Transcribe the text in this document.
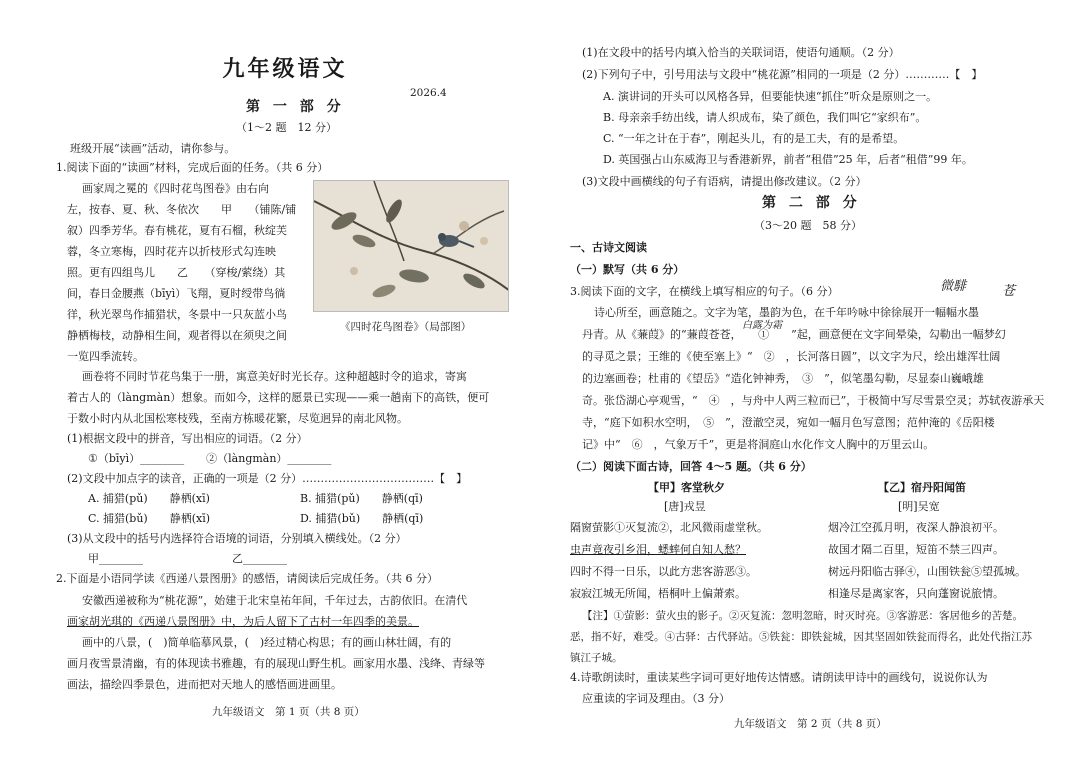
九年级语文
2026.4
第 一 部 分
（1～2 题　12 分）
班级开展“读画”活动，请你参与。
1.阅读下面的“读画”材料，完成后面的任务。（共 6 分）
画家周之冕的《四时花鸟图卷》由右向
左，按春、夏、秋、冬依次　　甲　　（铺陈/铺
叙）四季芳华。春有桃花，夏有石榴，秋绽芙
蓉，冬立寒梅，四时花卉以折枝形式勾连映
照。更有四组鸟儿　　乙　　（穿梭/萦绕）其
间，春日金腰燕（bīyì）飞翔，夏时绶带鸟徜
徉，秋光翠鸟作捕猎状，冬景中一只灰蓝小鸟
静栖梅枝，动静相生间，观者得以在须臾之间
一览四季流转。
《四时花鸟图卷》（局部图）
画卷将不同时节花鸟集于一册，寓意美好时光长存。这种超越时令的追求，寄寓
着古人的（làngmàn）想象。而如今，这样的愿景已实现——乘一趟南下的高铁，便可
于数小时内从北国松寒枝残，至南方栋暖花繁，尽览迥异的南北风物。
(1)根据文段中的拼音，写出相应的词语。（2 分）
①（bīyì）________　　②（làngmàn）________
(2)文段中加点字的读音，正确的一项是（2 分）………………………………【　】
A. 捕猎(pǔ)　　静栖(xī)	B. 捕猎(pǔ)　　静栖(qī)
C. 捕猎(bǔ)　　静栖(xī)	D. 捕猎(bǔ)　　静栖(qī)
(3)从文段中的括号内选择符合语境的词语，分别填入横线处。（2 分）
甲________	乙________
2.下面是小语同学读《西递八景图册》的感悟，请阅读后完成任务。（共 6 分）
安徽西递被称为“桃花源”，始建于北宋皇祐年间，千年过去，古韵依旧。在清代
画家胡光琪的《西递八景图册》中，为后人留下了古村一年四季的美景。
画中的八景，(　)简单临摹风景，(　)经过精心构思；有的画山林壮阔，有的
画月夜雪景清幽，有的体现读书雅趣，有的展现山野生机。画家用水墨、浅绛、青绿等
画法，描绘四季景色，进而把对天地人的感悟画进画里。
九年级语文　第 1 页（共 8 页）
(1)在文段中的括号内填入恰当的关联词语，使语句通顺。（2 分）
(2)下列句子中，引号用法与文段中“桃花源”相同的一项是（2 分）…………【　】
A. 演讲词的开头可以风格各异，但要能快速“抓住”听众是原则之一。
B. 母亲亲手纺出线，请人织成布，染了颜色，我们叫它“家织布”。
C. “一年之计在于春”，刚起头儿，有的是工夫，有的是希望。
D. 英国强占山东威海卫与香港新界，前者“租借”25 年，后者“租借”99 年。
(3)文段中画横线的句子有语病，请提出修改建议。（2 分）
第 二 部 分
（3～20 题　58 分）
一、古诗文阅读
（一）默写（共 6 分）
3.阅读下面的文字，在横线上填写相应的句子。（6 分）	微騑	苍
白露为霜
诗心所至，画意随之。文字为笔，墨韵为色，在千年吟咏中徐徐展开一幅幅水墨
丹青。从《蒹葭》的“蒹葭苍苍，　　①　　”起，画意便在文字间晕染，勾勒出一幅梦幻
的寻觅之景；王维的《使至塞上》“　②　，长河落日圆”，以文字为尺，绘出雄浑壮阔
的边塞画卷；杜甫的《望岳》“造化钟神秀，　③　”，似笔墨勾勒，尽显泰山巍峨雄
奇。张岱湖心亭观雪，“　④　，与舟中人两三粒而已”，于极简中写尽雪景空灵；苏轼夜游承天
寺，“庭下如积水空明，　⑤　”，澄澈空灵，宛如一幅月色写意图；范仲淹的《岳阳楼
记》中“　⑥　，气象万千”，更是将洞庭山水化作文人胸中的万里云山。
（二）阅读下面古诗，回答 4～5 题。（共 6 分）
【甲】客堂秋夕
[唐]戎昱
隔窗萤影①灭复流②，北风微雨虚堂秋。
虫声竟夜引乡泪，蟋蟀何自知人愁？
四时不得一日乐，以此方悲客游恶③。
寂寂江城无所闻，梧桐叶上偏萧索。
【乙】宿丹阳闻笛
[明]吴宽
烟冷江空孤月明，夜深人静浪初平。
故国才隔二百里，短笛不禁三四声。
树远丹阳临古驿④，山围铁瓮⑤望孤城。
相逢尽是离家客，只向蓬窗说旅情。
【注】①萤影：萤火虫的影子。②灭复流：忽明忽暗，时灭时亮。③客游恶：客居他乡的苦楚。
恶，指不好，难受。④古驿：古代驿站。⑤铁瓮：即铁瓮城，因其坚固如铁瓮而得名，此处代指江苏
镇江子城。
4.诗歌朗读时，重读某些字词可更好地传达情感。请朗读甲诗中的画线句，说说你认为
应重读的字词及理由。（3 分）
九年级语文　第 2 页（共 8 页）
